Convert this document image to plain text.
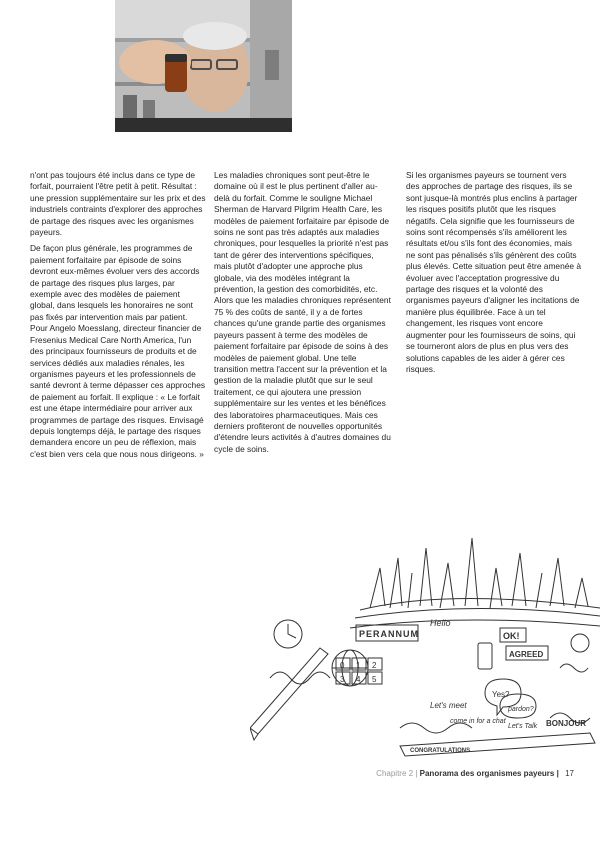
n'ont pas toujours été inclus dans ce type de forfait, pourraient l'être petit à petit. Résultat : une pression supplémentaire sur les prix et des industriels contraints d'explorer des approches de partage des risques avec les organismes payeurs.

De façon plus générale, les programmes de paiement forfaitaire par épisode de soins devront eux-mêmes évoluer vers des accords de partage des risques plus larges, par exemple avec des modèles de paiement global, dans lesquels les honoraires ne sont pas fixés par intervention mais par patient. Pour Angelo Moesslang, directeur financier de Fresenius Medical Care North America, l'un des principaux fournisseurs de produits et de services dédiés aux maladies rénales, les organismes payeurs et les professionnels de santé devront à terme dépasser ces approches de paiement au forfait. Il explique : « Le forfait est une étape intermédiaire pour arriver aux programmes de partage des risques. Envisagé depuis longtemps déjà, le partage des risques demandera encore un peu de réflexion, mais c'est bien vers cela que nous nous dirigeons. »

Les maladies chroniques sont peut-être le domaine où il est le plus pertinent d'aller au-delà du forfait. Comme le souligne Michael Sherman de Harvard Pilgrim Health Care, les modèles de paiement forfaitaire par épisode de soins ne sont pas très adaptés aux maladies chroniques, pour lesquelles la priorité n'est pas tant de gérer des interventions spécifiques, mais plutôt d'adopter une approche plus globale, via des modèles intégrant la prévention, la gestion des comorbidités, etc. Alors que les maladies chroniques représentent 75 % des coûts de santé, il y a de fortes chances qu'une grande partie des organismes payeurs passent à terme des modèles de paiement forfaitaire par épisode de soins à des modèles de paiement global. Une telle transition mettra l'accent sur la prévention et la gestion de la maladie plutôt que sur le seul traitement, ce qui ajoutera une pression supplémentaire sur les ventes et les bénéfices des laboratoires pharmaceutiques. Mais ces derniers profiteront de nouvelles opportunités d'étendre leurs activités à d'autres domaines du cycle de soins.

Si les organismes payeurs se tournent vers des approches de partage des risques, ils se sont jusque-là montrés plus enclins à partager les risques positifs plutôt que les risques négatifs. Cela signifie que les fournisseurs de soins sont récompensés s'ils améliorent les résultats et/ou s'ils font des économies, mais ne sont pas pénalisés s'ils génèrent des coûts plus élevés. Cette situation peut être amenée à évoluer avec l'acceptation progressive du partage des risques et la volonté des organismes payeurs d'aligner les incitations de manière plus équilibrée. Face à un tel changement, les risques vont encore augmenter pour les fournisseurs de soins, qui se tourneront alors de plus en plus vers des solutions capables de les aider à gérer ces risques.

PERANNUM
Hello
OK!
AGREED
Yes?
pardon?
Let's meet
come in for a chat
Let's Talk BONJOUR
CONGRATULATIONS
0 1 2
3 4 5
Chapitre 2 | Panorama des organismes payeurs | 17
